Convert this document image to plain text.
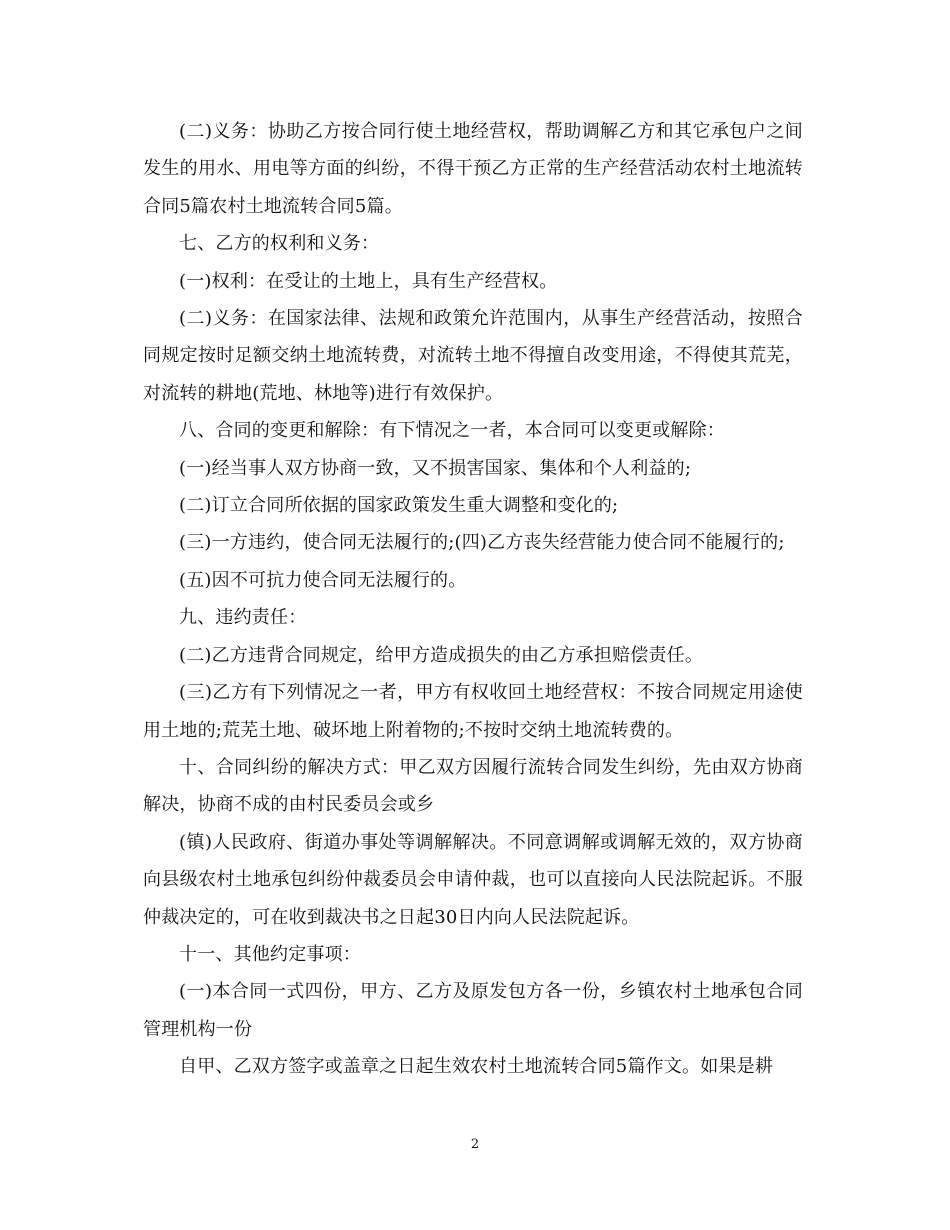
(二)义务：协助乙方按合同行使土地经营权，帮助调解乙方和其它承包户之间发生的用水、用电等方面的纠纷，不得干预乙方正常的生产经营活动农村土地流转合同5篇农村土地流转合同5篇。

七、乙方的权利和义务：

(一)权利：在受让的土地上，具有生产经营权。

(二)义务：在国家法律、法规和政策允许范围内，从事生产经营活动，按照合同规定按时足额交纳土地流转费，对流转土地不得擅自改变用途，不得使其荒芜，对流转的耕地(荒地、林地等)进行有效保护。

八、合同的变更和解除：有下情况之一者，本合同可以变更或解除：

(一)经当事人双方协商一致，又不损害国家、集体和个人利益的;

(二)订立合同所依据的国家政策发生重大调整和变化的;

(三)一方违约，使合同无法履行的;(四)乙方丧失经营能力使合同不能履行的;

(五)因不可抗力使合同无法履行的。

九、违约责任：

(二)乙方违背合同规定，给甲方造成损失的由乙方承担赔偿责任。

(三)乙方有下列情况之一者，甲方有权收回土地经营权：不按合同规定用途使用土地的;荒芜土地、破坏地上附着物的;不按时交纳土地流转费的。

十、合同纠纷的解决方式：甲乙双方因履行流转合同发生纠纷，先由双方协商解决，协商不成的由村民委员会或乡

(镇)人民政府、街道办事处等调解解决。不同意调解或调解无效的，双方协商向县级农村土地承包纠纷仲裁委员会申请仲裁，也可以直接向人民法院起诉。不服仲裁决定的，可在收到裁决书之日起30日内向人民法院起诉。

十一、其他约定事项：

(一)本合同一式四份，甲方、乙方及原发包方各一份，乡镇农村土地承包合同管理机构一份

自甲、乙双方签字或盖章之日起生效农村土地流转合同5篇作文。如果是耕

2
